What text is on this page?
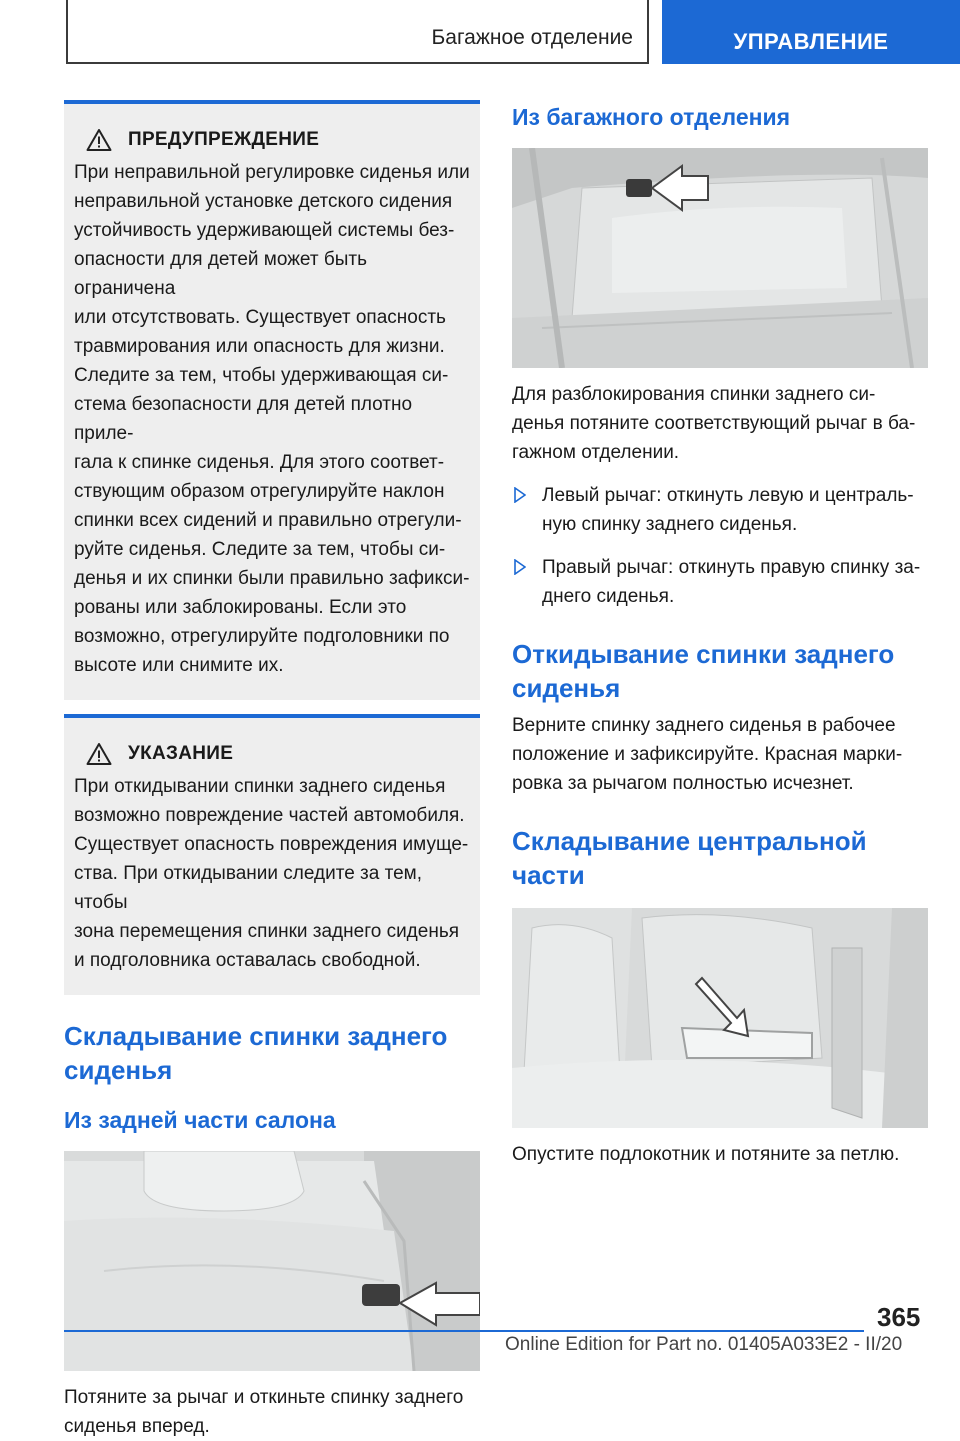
Багажное отделение	УПРАВЛЕНИЕ
ПРЕДУПРЕЖДЕНИЕ
При неправильной регулировке сиденья или
неправильной установке детского сидения
устойчивость удерживающей системы без-
опасности для детей может быть ограничена
или отсутствовать. Существует опасность
травмирования или опасность для жизни.
Следите за тем, чтобы удерживающая си-
стема безопасности для детей плотно приле-
гала к спинке сиденья. Для этого соответ-
ствующим образом отрегулируйте наклон
спинки всех сидений и правильно отрегули-
руйте сиденья. Следите за тем, чтобы си-
денья и их спинки были правильно зафикси-
рованы или заблокированы. Если это
возможно, отрегулируйте подголовники по
высоте или снимите их.
УКАЗАНИЕ
При откидывании спинки заднего сиденья
возможно повреждение частей автомобиля.
Существует опасность повреждения имуще-
ства. При откидывании следите за тем, чтобы
зона перемещения спинки заднего сиденья
и подголовника оставалась свободной.
Складывание спинки заднего
сиденья
Из задней части салона
Потяните за рычаг и откиньте спинку заднего
сиденья вперед.
Из багажного отделения
Для разблокирования спинки заднего си-
денья потяните соответствующий рычаг в ба-
гажном отделении.
Левый рычаг: откинуть левую и централь-
ную спинку заднего сиденья.
Правый рычаг: откинуть правую спинку за-
днего сиденья.
Откидывание спинки заднего
сиденья
Верните спинку заднего сиденья в рабочее
положение и зафиксируйте. Красная марки-
ровка за рычагом полностью исчезнет.
Складывание центральной
части
Опустите подлокотник и потяните за петлю.
365
Online Edition for Part no. 01405A033E2 - II/20
